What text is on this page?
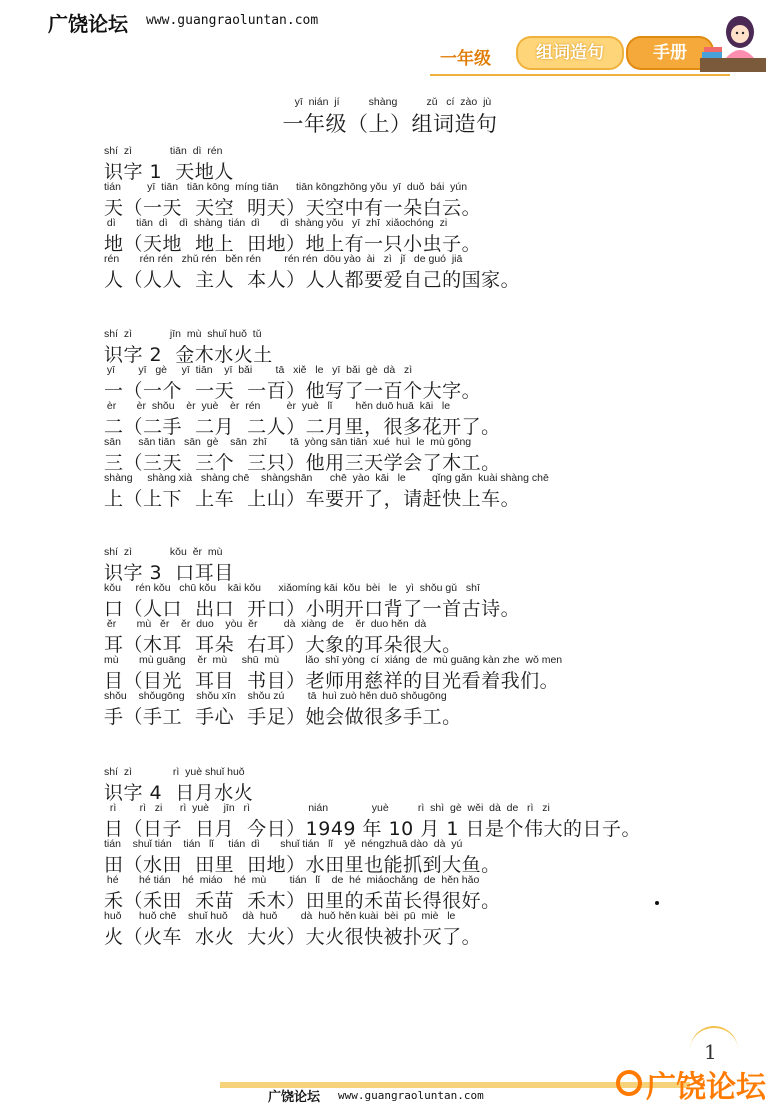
广饶论坛 www.guangraoluntan.com
一年级	组词造句	手册
yī  nián  jí          shàng          zǔ   cí  zào  jù
一年级（上）组词造句
shí  zì             tiān  dì  rén
识字 1  天地人
tián         yī  tiān   tiān kōng  míng tiān      tiān kōngzhōng yǒu  yī  duǒ  bái  yún
天（一天  天空  明天）天空中有一朵白云。
dì       tiān  dì    dì  shàng  tián  dì       dì  shàng yǒu   yī  zhī  xiǎochóng  zi
地（天地  地上  田地）地上有一只小虫子。
rén       rén rén   zhǔ rén   běn rén        rén rén  dōu yào  ài   zì   jǐ   de guó  jiā
人（人人  主人  本人）人人都要爱自己的国家。
shí  zì             jīn  mù  shuǐ huǒ  tǔ
识字 2  金木水火土
yī        yī   gè     yī  tiān    yī  bǎi        tā   xiě   le   yī  bǎi  gè  dà   zì
一（一个  一天  一百）他写了一百个大字。
èr       èr  shǒu    èr  yuè    èr  rén         èr  yuè   lǐ        hěn duō huā  kāi   le
二（二手  二月  二人）二月里，很多花开了。
sān      sān tiān   sān  gè    sān  zhī        tā  yòng sān tiān  xué  huì  le  mù gōng
三（三天  三个  三只）他用三天学会了木工。
shàng     shàng xià   shàng chē    shàngshān      chē  yào  kāi   le         qǐng gǎn  kuài shàng chē
上（上下  上车  上山）车要开了，请赶快上车。
shí  zì             kǒu  ěr  mù
识字 3  口耳目
kǒu     rén kǒu   chū kǒu    kāi kǒu      xiǎomíng kāi  kǒu  bèi   le   yì  shǒu gǔ   shī
口（人口  出口  开口）小明开口背了一首古诗。
ěr       mù   ěr    ěr  duo    yòu  ěr         dà  xiàng  de    ěr  duo hěn  dà
耳（木耳  耳朵  右耳）大象的耳朵很大。
mù       mù guāng    ěr  mù     shū  mù         lǎo  shī yòng  cí  xiáng  de  mù guāng kàn zhe  wǒ men
目（目光  耳目  书目）老师用慈祥的目光看着我们。
shǒu    shǒugōng    shǒu xīn    shǒu zú        tā  huì zuò hěn duō shǒugōng
手（手工  手心  手足）她会做很多手工。
shí  zì              rì  yuè shuǐ huǒ
识字 4  日月水火
rì        rì   zi      rì  yuè     jīn   rì                    nián               yuè          rì  shì  gè  wěi  dà  de   rì   zi
日（日子  日月  今日）1949 年 10 月 1 日是个伟大的日子。
tián    shuǐ tián    tián   lǐ     tián  dì       shuǐ tián   lǐ    yě  néngzhuā dào  dà  yú
田（水田  田里  田地）水田里也能抓到大鱼。
hé       hé tián    hé  miáo    hé  mù        tián   lǐ    de  hé  miáochǎng  de  hěn hǎo
禾（禾田  禾苗  禾木）田里的禾苗长得很好。
huǒ      huǒ chē    shuǐ huǒ     dà  huǒ        dà  huǒ hěn kuài  bèi  pū  miè   le
火（火车  水火  大火）大火很快被扑灭了。
1
广饶论坛 www.guangraoluntan.com	广饶论坛
